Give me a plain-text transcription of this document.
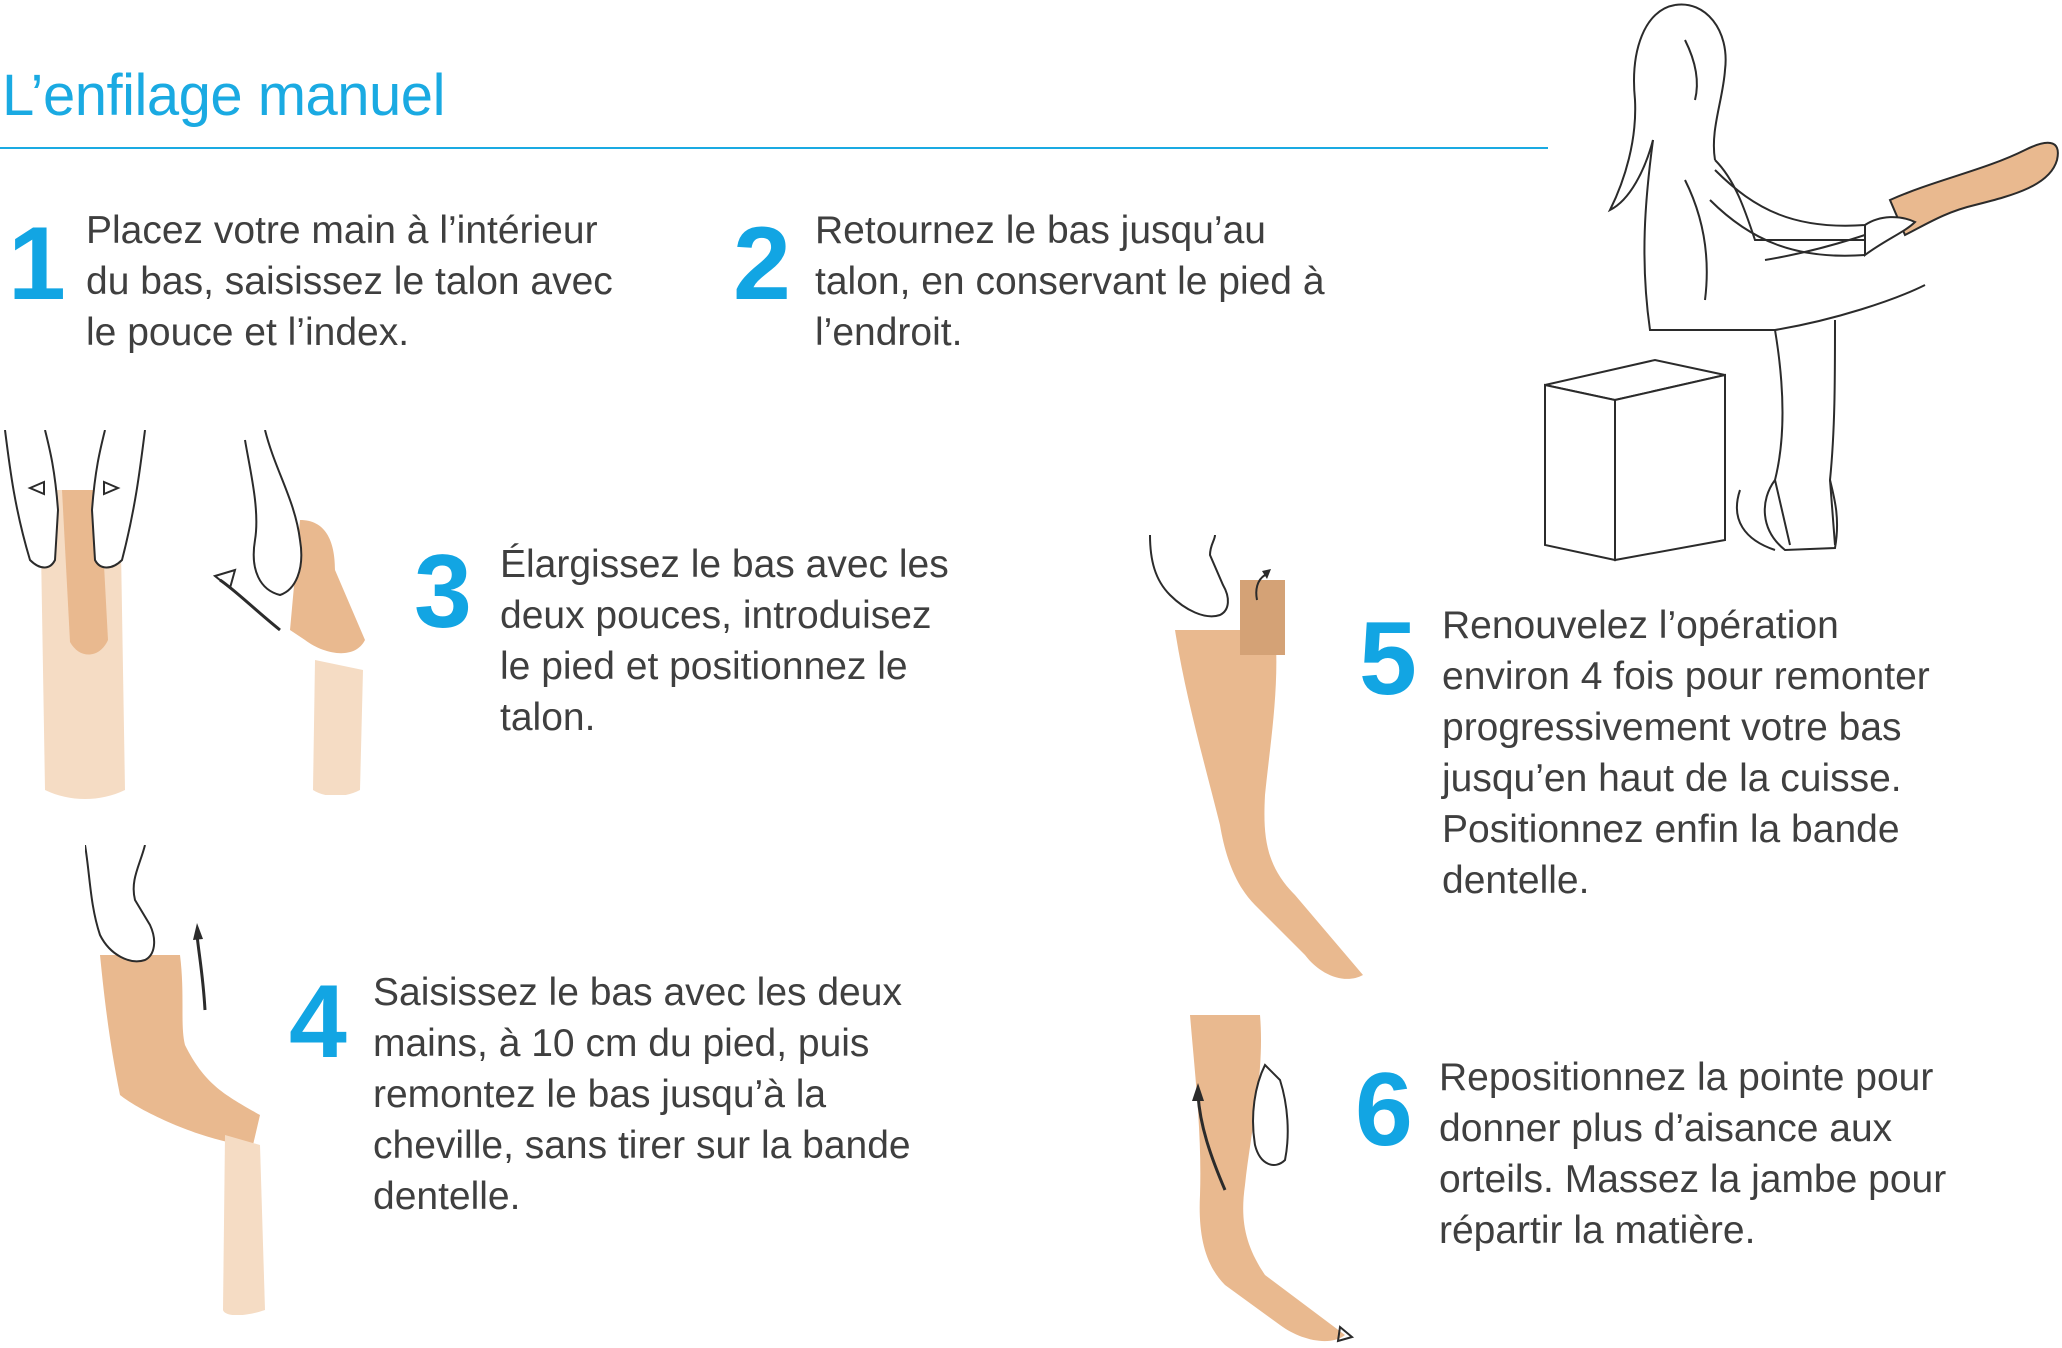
L’enfilage manuel
1 Placez votre main à l’intérieur
du bas, saisissez le talon avec
le pouce et l’index.
2 Retournez le bas jusqu’au
talon, en conservant le pied à
l’endroit.
3 Élargissez le bas avec les
deux pouces, introduisez
le pied et positionnez le
talon.
4 Saisissez le bas avec les deux
mains, à 10 cm du pied, puis
remontez le bas jusqu’à la
cheville, sans tirer sur la bande
dentelle.
5 Renouvelez l’opération
environ 4 fois pour remonter
progressivement votre bas
jusqu’en haut de la cuisse.
Positionnez enfin la bande
dentelle.
6 Repositionnez la pointe pour
donner plus d’aisance aux
orteils. Massez la jambe pour
répartir la matière.
